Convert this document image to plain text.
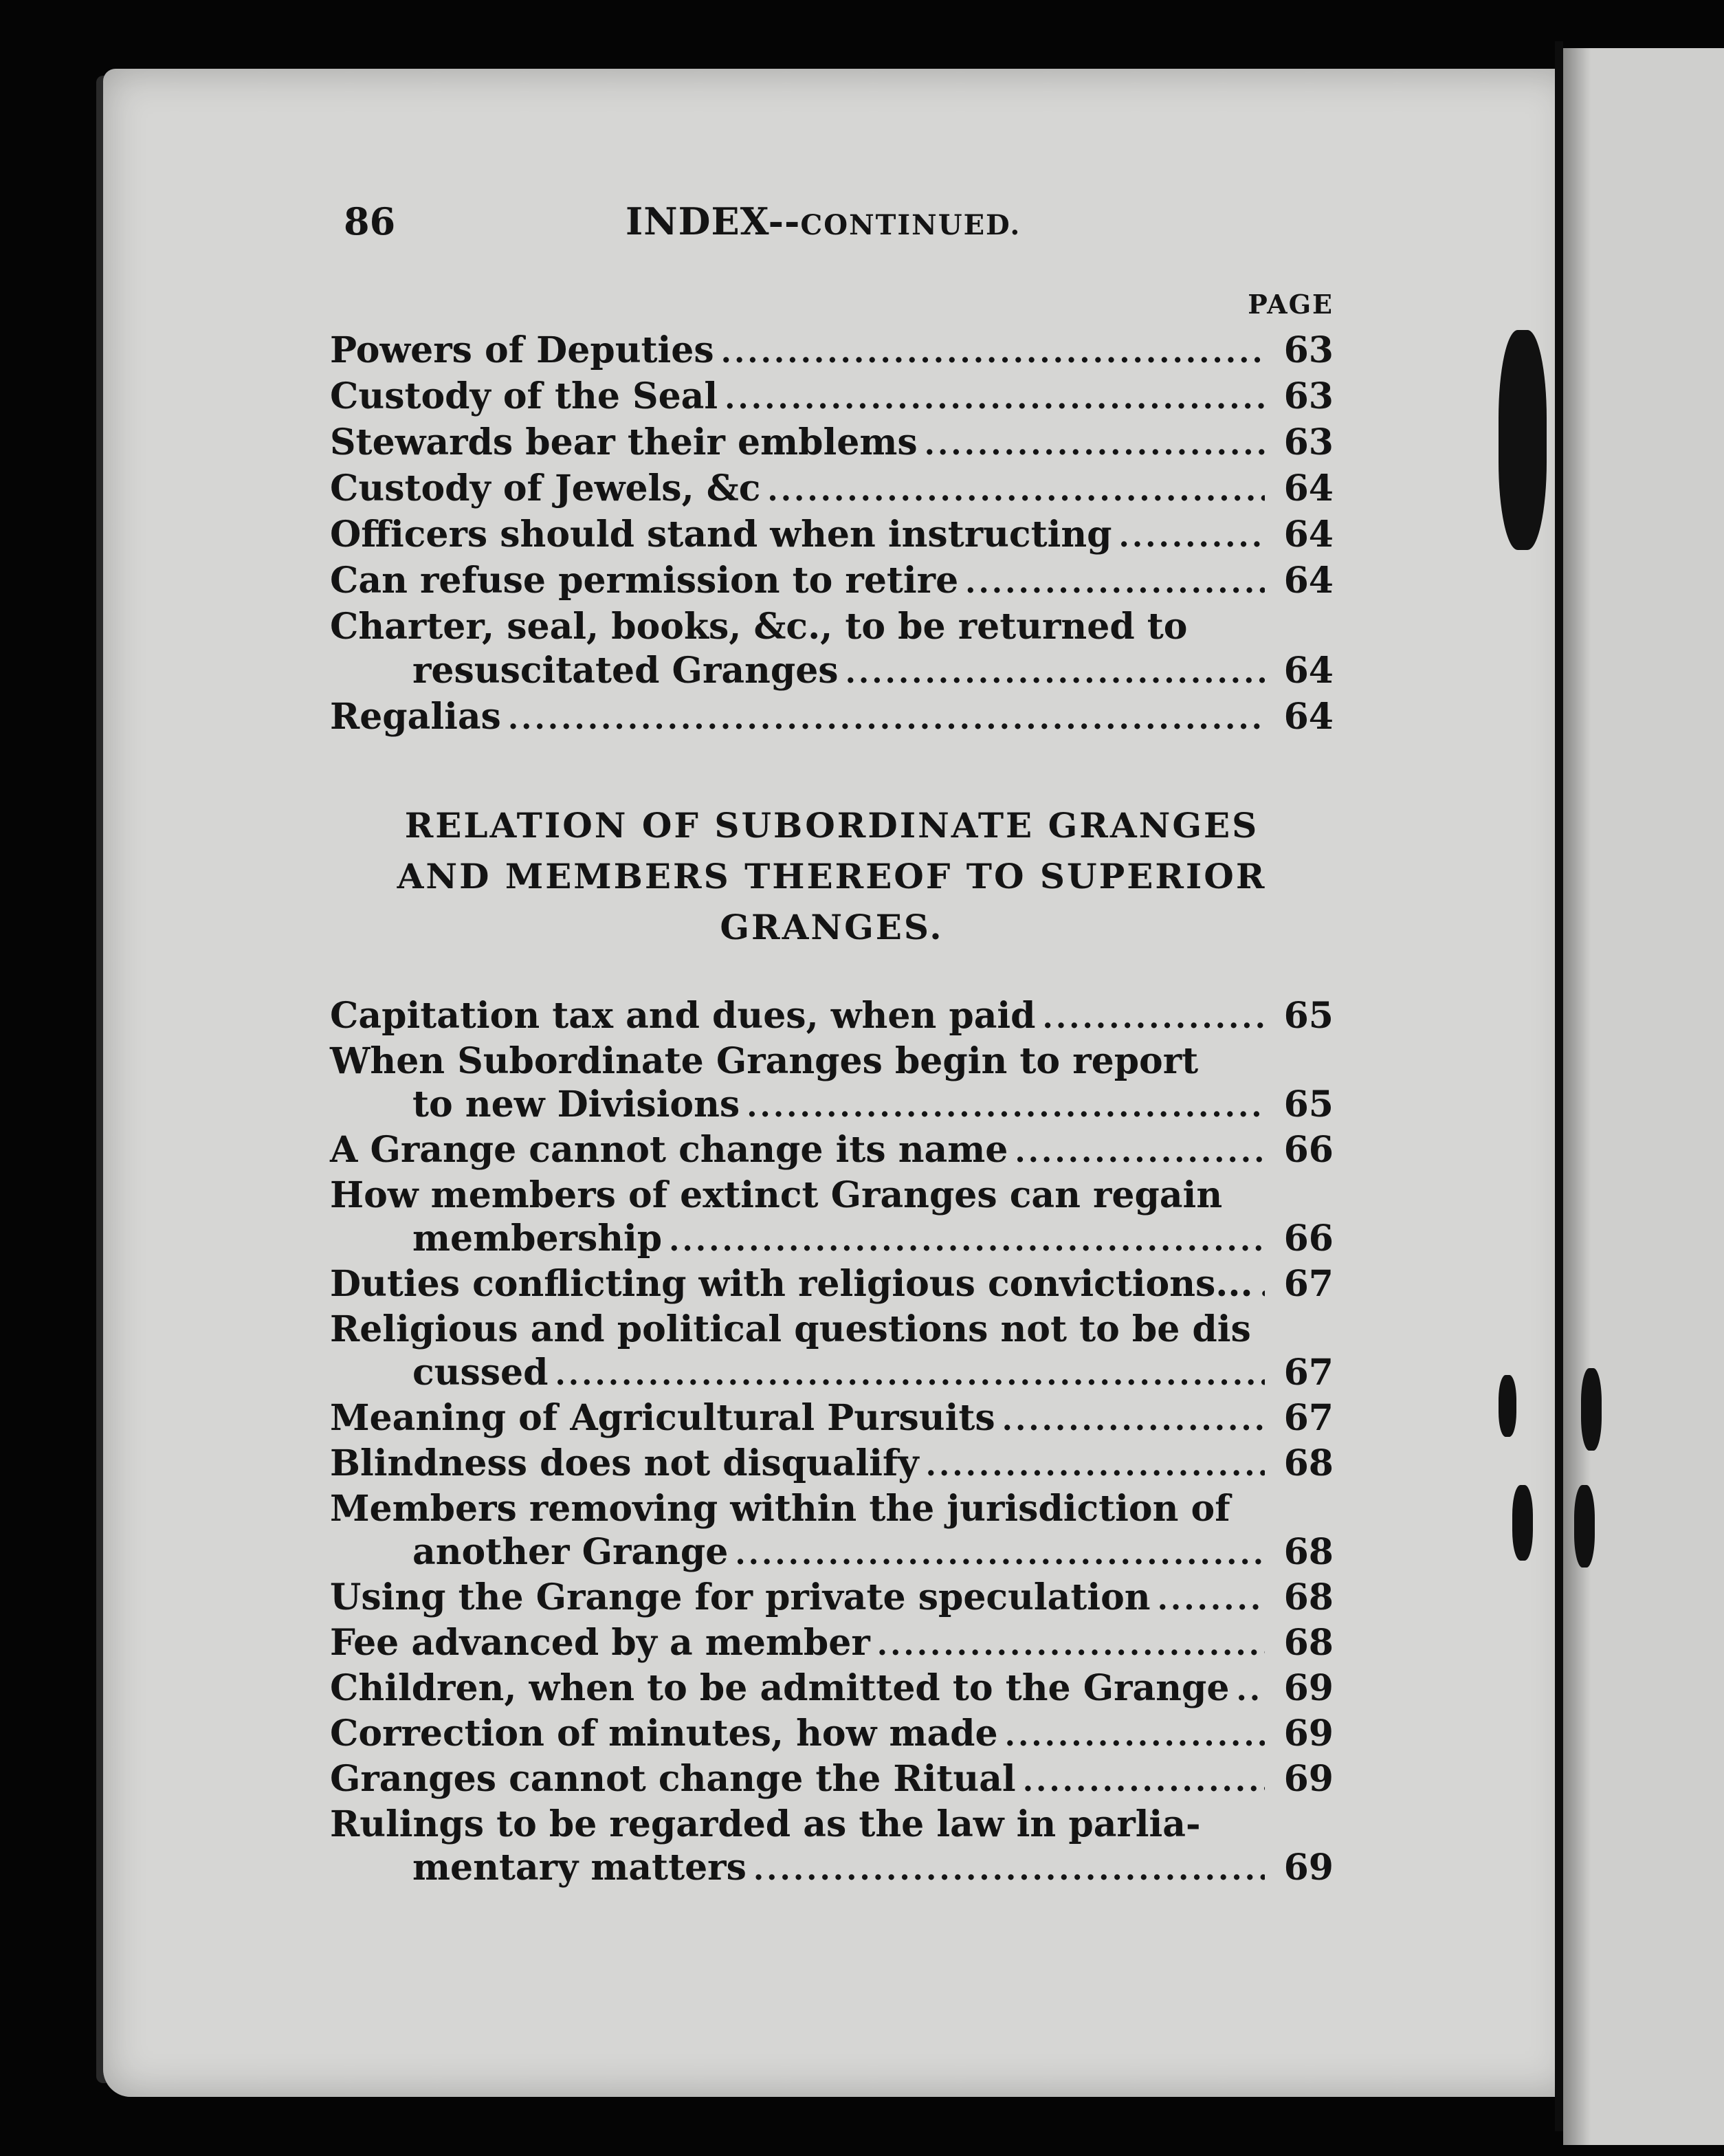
86	INDEX--CONTINUED.
PAGE
Powers of Deputies .....	63
Custody of the Seal .....	63
Stewards bear their emblems .....	63
Custody of Jewels, &c .....	64
Officers should stand when instructing .....	64
Can refuse permission to retire .....	64
Charter, seal, books, &c., to be returned to
resuscitated Granges .....	64
Regalias .....	64
RELATION OF SUBORDINATE GRANGES
AND MEMBERS THEREOF TO SUPERIOR
GRANGES.
Capitation tax and dues, when paid .....	65
When Subordinate Granges begin to report
to new Divisions .....	65
A Grange cannot change its name .....	66
How members of extinct Granges can regain
membership .....	66
Duties conflicting with religious convictions... ..... 67
Religious and political questions not to be dis
cussed .....	67
Meaning of Agricultural Pursuits .....	67
Blindness does not disqualify .....	68
Members removing within the jurisdiction of
another Grange .....	68
Using the Grange for private speculation .....	68
Fee advanced by a member .....	68
Children, when to be admitted to the Grange .....	69
Correction of minutes, how made .....	69
Granges cannot change the Ritual .....	69
Rulings to be regarded as the law in parlia-
mentary matters .....	69
